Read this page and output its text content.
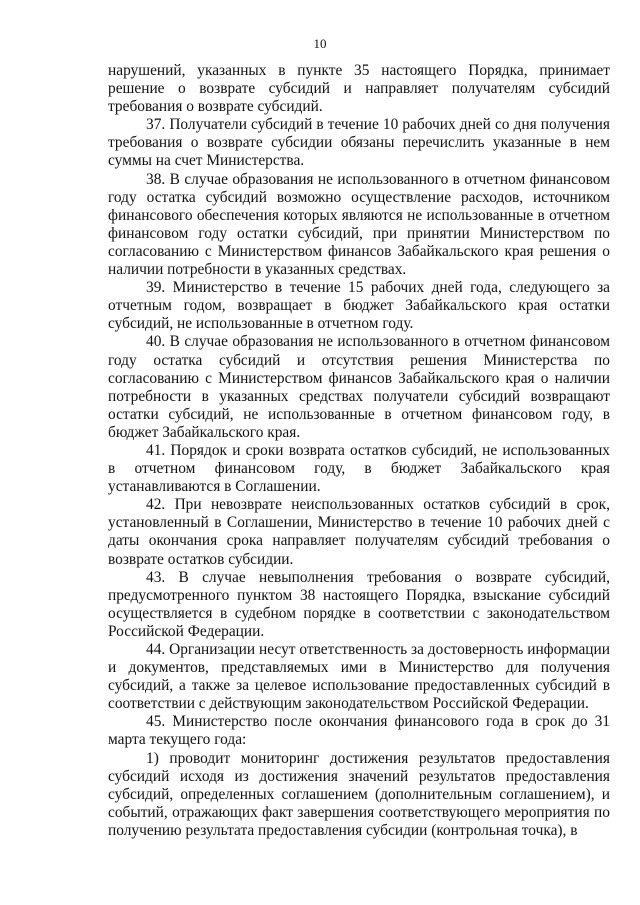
10

нарушений, указанных в пункте 35 настоящего Порядка, принимает решение о возврате субсидий и направляет получателям субсидий требования о возврате субсидий.

37. Получатели субсидий в течение 10 рабочих дней со дня получения требования о возврате субсидии обязаны перечислить указанные в нем суммы на счет Министерства.

38. В случае образования не использованного в отчетном финансовом году остатка субсидий возможно осуществление расходов, источником финансового обеспечения которых являются не использованные в отчетном финансовом году остатки субсидий, при принятии Министерством по согласованию с Министерством финансов Забайкальского края решения о наличии потребности в указанных средствах.

39. Министерство в течение 15 рабочих дней года, следующего за отчетным годом, возвращает в бюджет Забайкальского края остатки субсидий, не использованные в отчетном году.

40. В случае образования не использованного в отчетном финансовом году остатка субсидий и отсутствия решения Министерства по согласованию с Министерством финансов Забайкальского края о наличии потребности в указанных средствах получатели субсидий возвращают остатки субсидий, не использованные в отчетном финансовом году, в бюджет Забайкальского края.

41. Порядок и сроки возврата остатков субсидий, не использованных в отчетном финансовом году, в бюджет Забайкальского края устанавливаются в Соглашении.

42. При невозврате неиспользованных остатков субсидий в срок, установленный в Соглашении, Министерство в течение 10 рабочих дней с даты окончания срока направляет получателям субсидий требования о возврате остатков субсидии.

43. В случае невыполнения требования о возврате субсидий, предусмотренного пунктом 38 настоящего Порядка, взыскание субсидий осуществляется в судебном порядке в соответствии с законодательством Российской Федерации.

44. Организации несут ответственность за достоверность информации и документов, представляемых ими в Министерство для получения субсидий, а также за целевое использование предоставленных субсидий в соответствии с действующим законодательством Российской Федерации.

45. Министерство после окончания финансового года в срок до 31 марта текущего года:

1) проводит мониторинг достижения результатов предоставления субсидий исходя из достижения значений результатов предоставления субсидий, определенных соглашением (дополнительным соглашением), и событий, отражающих факт завершения соответствующего мероприятия по получению результата предоставления субсидии (контрольная точка), в
